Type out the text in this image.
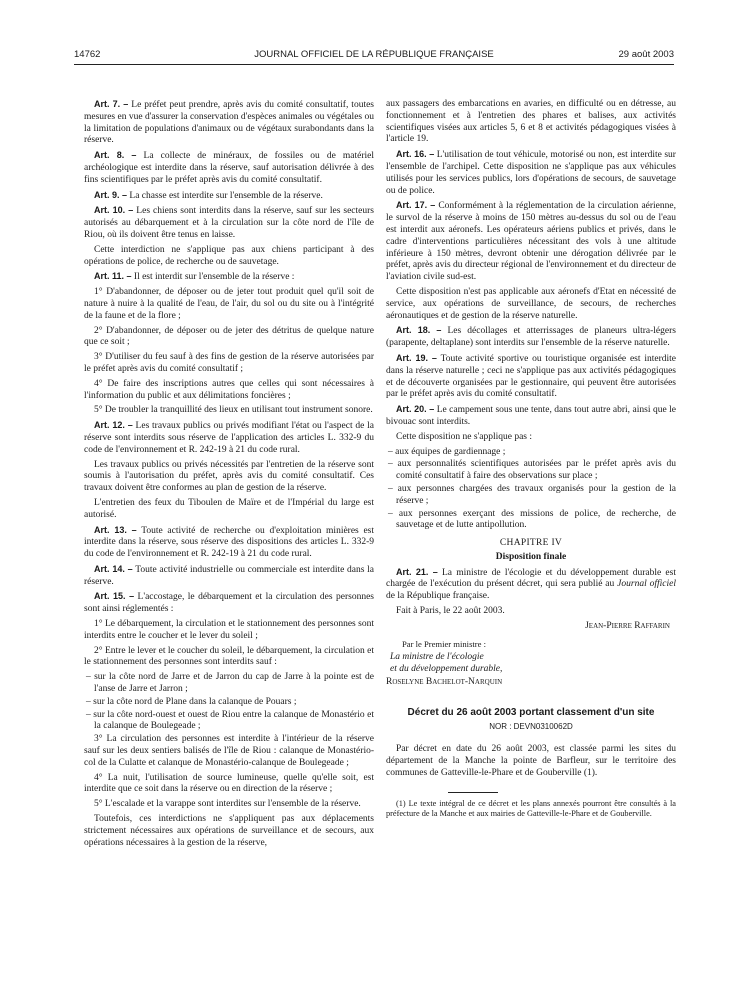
14762	JOURNAL OFFICIEL DE LA RÉPUBLIQUE FRANÇAISE	29 août 2003

Art. 7. – Le préfet peut prendre, après avis du comité consultatif, toutes mesures en vue d'assurer la conservation d'espèces animales ou végétales ou la limitation de populations d'animaux ou de végétaux surabondants dans la réserve.

Art. 8. – La collecte de minéraux, de fossiles ou de matériel archéologique est interdite dans la réserve, sauf autorisation délivrée à des fins scientifiques par le préfet après avis du comité consultatif.

Art. 9. – La chasse est interdite sur l'ensemble de la réserve.

Art. 10. – Les chiens sont interdits dans la réserve, sauf sur les secteurs autorisés au débarquement et à la circulation sur la côte nord de l'île de Riou, où ils doivent être tenus en laisse.

Cette interdiction ne s'applique pas aux chiens participant à des opérations de police, de recherche ou de sauvetage.

Art. 11. – Il est interdit sur l'ensemble de la réserve :

1° D'abandonner, de déposer ou de jeter tout produit quel qu'il soit de nature à nuire à la qualité de l'eau, de l'air, du sol ou du site ou à l'intégrité de la faune et de la flore ;

2° D'abandonner, de déposer ou de jeter des détritus de quelque nature que ce soit ;

3° D'utiliser du feu sauf à des fins de gestion de la réserve autorisées par le préfet après avis du comité consultatif ;

4° De faire des inscriptions autres que celles qui sont nécessaires à l'information du public et aux délimitations foncières ;

5° De troubler la tranquillité des lieux en utilisant tout instrument sonore.

Art. 12. – Les travaux publics ou privés modifiant l'état ou l'aspect de la réserve sont interdits sous réserve de l'application des articles L. 332-9 du code de l'environnement et R. 242-19 à 21 du code rural.

Les travaux publics ou privés nécessités par l'entretien de la réserve sont soumis à l'autorisation du préfet, après avis du comité consultatif. Ces travaux doivent être conformes au plan de gestion de la réserve.

L'entretien des feux du Tiboulen de Maïre et de l'Impérial du large est autorisé.

Art. 13. – Toute activité de recherche ou d'exploitation minières est interdite dans la réserve, sous réserve des dispositions des articles L. 332-9 du code de l'environnement et R. 242-19 à 21 du code rural.

Art. 14. – Toute activité industrielle ou commerciale est interdite dans la réserve.

Art. 15. – L'accostage, le débarquement et la circulation des personnes sont ainsi réglementés :

1° Le débarquement, la circulation et le stationnement des personnes sont interdits entre le coucher et le lever du soleil ;

2° Entre le lever et le coucher du soleil, le débarquement, la circulation et le stationnement des personnes sont interdits sauf :

– sur la côte nord de Jarre et de Jarron du cap de Jarre à la pointe est de l'anse de Jarre et Jarron ;

– sur la côte nord de Plane dans la calanque de Pouars ;

– sur la côte nord-ouest et ouest de Riou entre la calanque de Monastério et la calanque de Boulegeade ;

3° La circulation des personnes est interdite à l'intérieur de la réserve sauf sur les deux sentiers balisés de l'île de Riou : calanque de Monastério-col de la Culatte et calanque de Monastério-calanque de Boulegeade ;

4° La nuit, l'utilisation de source lumineuse, quelle qu'elle soit, est interdite que ce soit dans la réserve ou en direction de la réserve ;

5° L'escalade et la varappe sont interdites sur l'ensemble de la réserve.

Toutefois, ces interdictions ne s'appliquent pas aux déplacements strictement nécessaires aux opérations de surveillance et de secours, aux opérations nécessaires à la gestion de la réserve,

aux passagers des embarcations en avaries, en difficulté ou en détresse, au fonctionnement et à l'entretien des phares et balises, aux activités scientifiques visées aux articles 5, 6 et 8 et activités pédagogiques visées à l'article 19.

Art. 16. – L'utilisation de tout véhicule, motorisé ou non, est interdite sur l'ensemble de l'archipel. Cette disposition ne s'applique pas aux véhicules utilisés pour les services publics, lors d'opérations de secours, de sauvetage ou de police.

Art. 17. – Conformément à la réglementation de la circulation aérienne, le survol de la réserve à moins de 150 mètres au-dessus du sol ou de l'eau est interdit aux aéronefs. Les opérateurs aériens publics et privés, dans le cadre d'interventions particulières nécessitant des vols à une altitude inférieure à 150 mètres, devront obtenir une dérogation délivrée par le préfet, après avis du directeur régional de l'environnement et du directeur de l'aviation civile sud-est.

Cette disposition n'est pas applicable aux aéronefs d'Etat en nécessité de service, aux opérations de surveillance, de secours, de recherches aéronautiques et de gestion de la réserve naturelle.

Art. 18. – Les décollages et atterrissages de planeurs ultra-légers (parapente, deltaplane) sont interdits sur l'ensemble de la réserve naturelle.

Art. 19. – Toute activité sportive ou touristique organisée est interdite dans la réserve naturelle ; ceci ne s'applique pas aux activités pédagogiques et de découverte organisées par le gestionnaire, qui peuvent être autorisées par le préfet après avis du comité consultatif.

Art. 20. – Le campement sous une tente, dans tout autre abri, ainsi que le bivouac sont interdits.

Cette disposition ne s'applique pas :

– aux équipes de gardiennage ;

– aux personnalités scientifiques autorisées par le préfet après avis du comité consultatif à faire des observations sur place ;

– aux personnes chargées des travaux organisés pour la gestion de la réserve ;

– aux personnes exerçant des missions de police, de recherche, de sauvetage et de lutte antipollution.

CHAPITRE IV
Disposition finale

Art. 21. – La ministre de l'écologie et du développement durable est chargée de l'exécution du présent décret, qui sera publié au Journal officiel de la République française.

Fait à Paris, le 22 août 2003.

Jean-Pierre Raffarin

Par le Premier ministre :

La ministre de l'écologie

et du développement durable,

Roselyne Bachelot-Narquin

Décret du 26 août 2003 portant classement d'un site
NOR : DEVN0310062D

Par décret en date du 26 août 2003, est classée parmi les sites du département de la Manche la pointe de Barfleur, sur le territoire des communes de Gatteville-le-Phare et de Gouberville (1).

(1) Le texte intégral de ce décret et les plans annexés pourront être consultés à la préfecture de la Manche et aux mairies de Gatteville-le-Phare et de Gouberville.
